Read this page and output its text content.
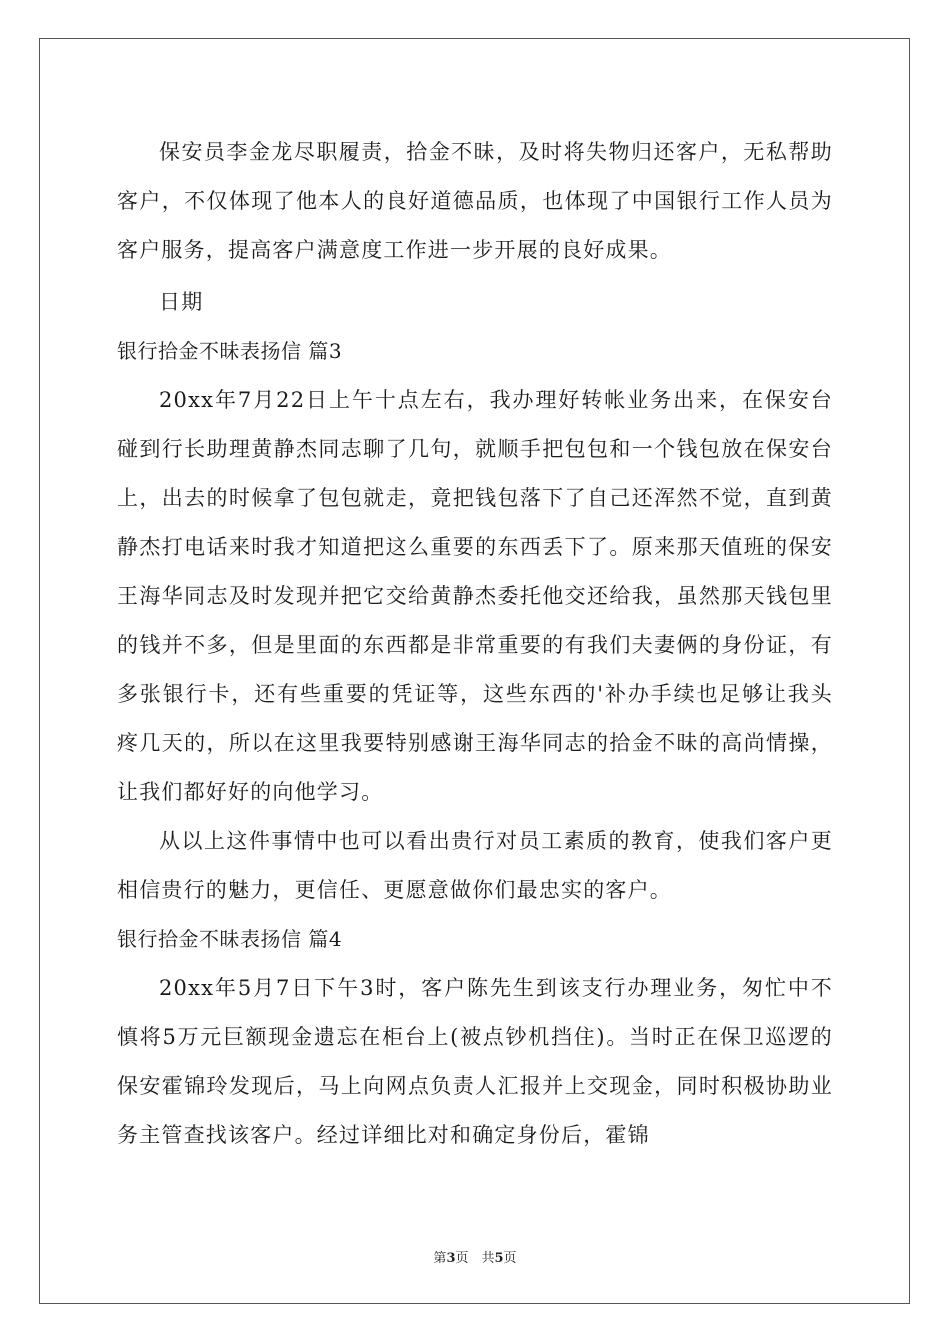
保安员李金龙尽职履责，拾金不昧，及时将失物归还客户，无私帮助客户，不仅体现了他本人的良好道德品质，也体现了中国银行工作人员为客户服务，提高客户满意度工作进一步开展的良好成果。

日期

银行拾金不昧表扬信 篇3

20xx年7月22日上午十点左右，我办理好转帐业务出来，在保安台碰到行长助理黄静杰同志聊了几句，就顺手把包包和一个钱包放在保安台上，出去的时候拿了包包就走，竟把钱包落下了自己还浑然不觉，直到黄静杰打电话来时我才知道把这么重要的东西丢下了。原来那天值班的保安王海华同志及时发现并把它交给黄静杰委托他交还给我，虽然那天钱包里的钱并不多，但是里面的东西都是非常重要的有我们夫妻俩的身份证，有多张银行卡，还有些重要的凭证等，这些东西的'补办手续也足够让我头疼几天的，所以在这里我要特别感谢王海华同志的拾金不昧的高尚情操，让我们都好好的向他学习。

从以上这件事情中也可以看出贵行对员工素质的教育，使我们客户更相信贵行的魅力，更信任、更愿意做你们最忠实的客户。

银行拾金不昧表扬信 篇4

20xx年5月7日下午3时，客户陈先生到该支行办理业务，匆忙中不慎将5万元巨额现金遗忘在柜台上(被点钞机挡住)。当时正在保卫巡逻的保安霍锦玲发现后，马上向网点负责人汇报并上交现金，同时积极协助业务主管查找该客户。经过详细比对和确定身份后，霍锦

第3页　共5页
